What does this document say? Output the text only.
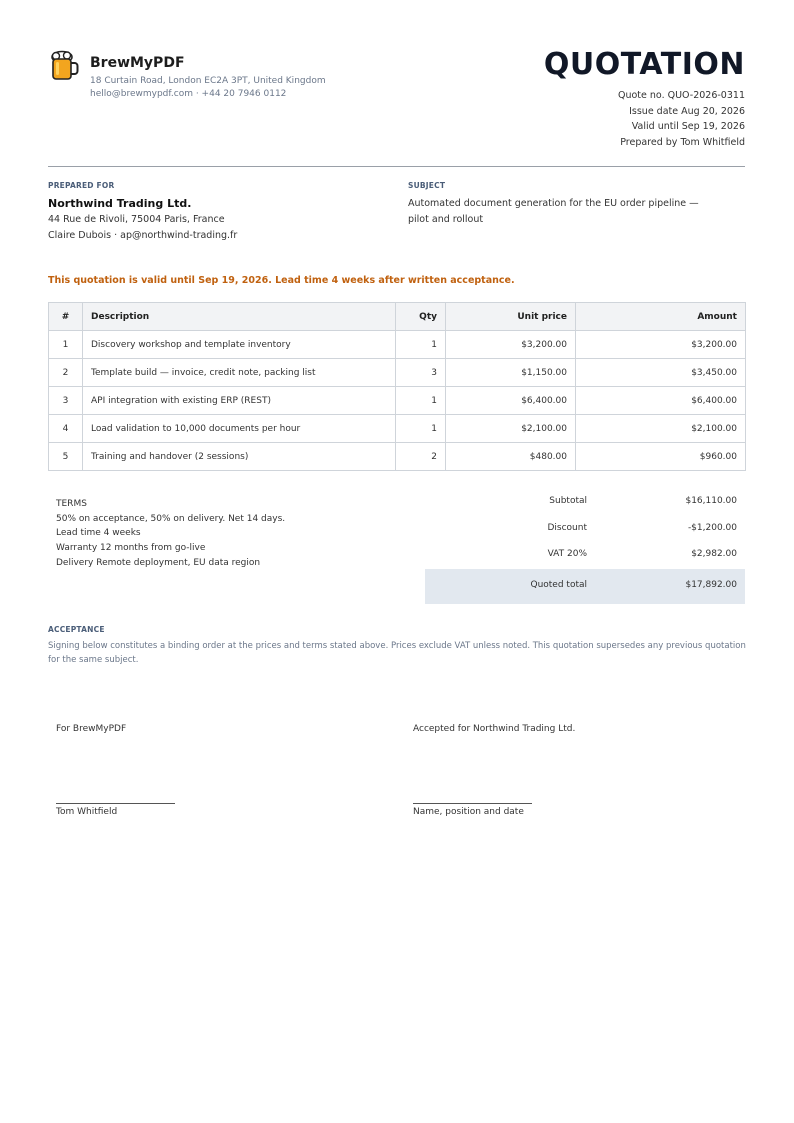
BrewMyPDF
18 Curtain Road, London EC2A 3PT, United Kingdom
hello@brewmypdf.com · +44 20 7946 0112
QUOTATION
Quote no. QUO-2026-0311
Issue date Aug 20, 2026
Valid until Sep 19, 2026
Prepared by Tom Whitfield
PREPARED FOR
Northwind Trading Ltd.
44 Rue de Rivoli, 75004 Paris, France
Claire Dubois · ap@northwind-trading.fr
SUBJECT
Automated document generation for the EU order pipeline — pilot and rollout
This quotation is valid until Sep 19, 2026. Lead time 4 weeks after written acceptance.
#	Description	Qty	Unit price	Amount
1	Discovery workshop and template inventory	1	$3,200.00	$3,200.00
2	Template build — invoice, credit note, packing list	3	$1,150.00	$3,450.00
3	API integration with existing ERP (REST)	1	$6,400.00	$6,400.00
4	Load validation to 10,000 documents per hour	1	$2,100.00	$2,100.00
5	Training and handover (2 sessions)	2	$480.00	$960.00
TERMS
50% on acceptance, 50% on delivery. Net 14 days.
Lead time 4 weeks
Warranty 12 months from go-live
Delivery Remote deployment, EU data region
Subtotal	$16,110.00
Discount	-$1,200.00
VAT 20%	$2,982.00
Quoted total	$17,892.00
ACCEPTANCE
Signing below constitutes a binding order at the prices and terms stated above. Prices exclude VAT unless noted. This quotation supersedes any previous quotation for the same subject.
For BrewMyPDF
Tom Whitfield
Accepted for Northwind Trading Ltd.
Name, position and date
